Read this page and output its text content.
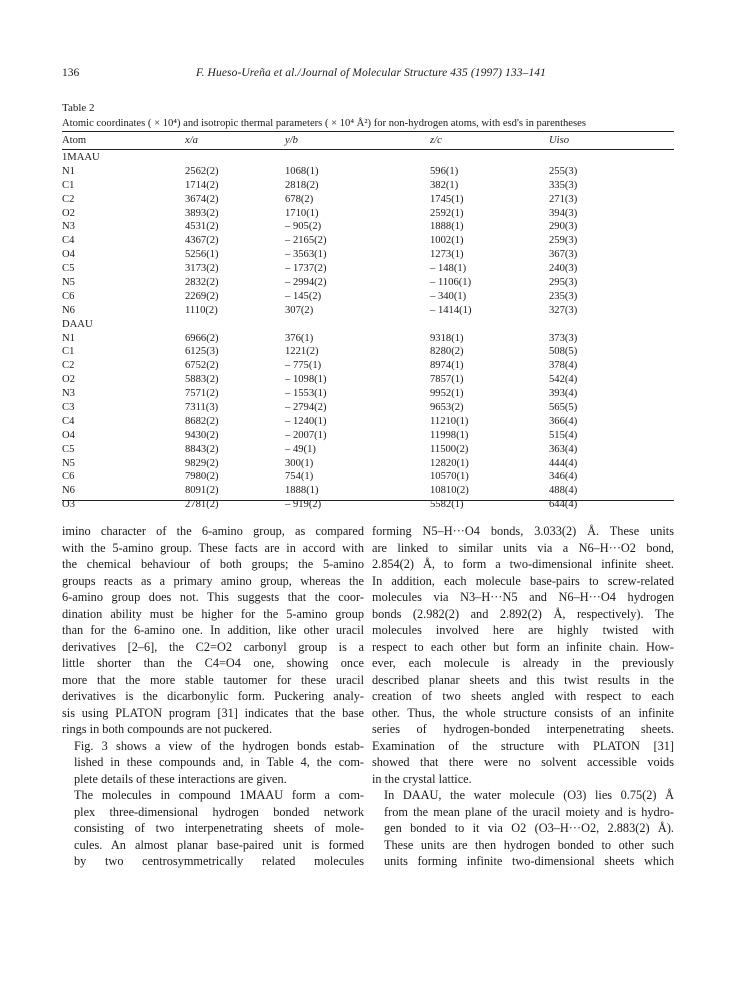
136	F. Hueso-Ureña et al./Journal of Molecular Structure 435 (1997) 133–141
Table 2
Atomic coordinates ( × 10⁴) and isotropic thermal parameters ( × 10⁴ Å²) for non-hydrogen atoms, with esd's in parentheses
Atom	x/a	y/b	z/c	Uiso
1MAAU
N1	2562(2)	1068(1)	596(1)	255(3)
C1	1714(2)	2818(2)	382(1)	335(3)
C2	3674(2)	678(2)	1745(1)	271(3)
O2	3893(2)	1710(1)	2592(1)	394(3)
N3	4531(2)	– 905(2)	1888(1)	290(3)
C4	4367(2)	– 2165(2)	1002(1)	259(3)
O4	5256(1)	– 3563(1)	1273(1)	367(3)
C5	3173(2)	– 1737(2)	– 148(1)	240(3)
N5	2832(2)	– 2994(2)	– 1106(1)	295(3)
C6	2269(2)	– 145(2)	– 340(1)	235(3)
N6	1110(2)	307(2)	– 1414(1)	327(3)
DAAU
N1	6966(2)	376(1)	9318(1)	373(3)
C1	6125(3)	1221(2)	8280(2)	508(5)
C2	6752(2)	– 775(1)	8974(1)	378(4)
O2	5883(2)	– 1098(1)	7857(1)	542(4)
N3	7571(2)	– 1553(1)	9952(1)	393(4)
C3	7311(3)	– 2794(2)	9653(2)	565(5)
C4	8682(2)	– 1240(1)	11210(1)	366(4)
O4	9430(2)	– 2007(1)	11998(1)	515(4)
C5	8843(2)	– 49(1)	11500(2)	363(4)
N5	9829(2)	300(1)	12820(1)	444(4)
C6	7980(2)	754(1)	10570(1)	346(4)
N6	8091(2)	1888(1)	10810(2)	488(4)
O3	2781(2)	– 919(2)	5582(1)	644(4)

imino character of the 6-amino group, as compared
with the 5-amino group. These facts are in accord with
the chemical behaviour of both groups; the 5-amino
groups reacts as a primary amino group, whereas the
6-amino group does not. This suggests that the coor-
dination ability must be higher for the 5-amino group
than for the 6-amino one. In addition, like other uracil
derivatives [2–6], the C2=O2 carbonyl group is a
little shorter than the C4=O4 one, showing once
more that the more stable tautomer for these uracil
derivatives is the dicarbonylic form. Puckering analy-
sis using PLATON program [31] indicates that the base
rings in both compounds are not puckered.

Fig. 3 shows a view of the hydrogen bonds estab-
lished in these compounds and, in Table 4, the com-
plete details of these interactions are given.

The molecules in compound 1MAAU form a com-
plex three-dimensional hydrogen bonded network
consisting of two interpenetrating sheets of mole-
cules. An almost planar base-paired unit is formed
by two centrosymmetrically related molecules

forming N5–H···O4 bonds, 3.033(2) Å. These units
are linked to similar units via a N6–H···O2 bond,
2.854(2) Å, to form a two-dimensional infinite sheet.
In addition, each molecule base-pairs to screw-related
molecules via N3–H···N5 and N6–H···O4 hydrogen
bonds (2.982(2) and 2.892(2) Å, respectively). The
molecules involved here are highly twisted with
respect to each other but form an infinite chain. How-
ever, each molecule is already in the previously
described planar sheets and this twist results in the
creation of two sheets angled with respect to each
other. Thus, the whole structure consists of an infinite
series of hydrogen-bonded interpenetrating sheets.
Examination of the structure with PLATON [31]
showed that there were no solvent accessible voids
in the crystal lattice.

In DAAU, the water molecule (O3) lies 0.75(2) Å
from the mean plane of the uracil moiety and is hydro-
gen bonded to it via O2 (O3–H···O2, 2.883(2) Å).
These units are then hydrogen bonded to other such
units forming infinite two-dimensional sheets which
